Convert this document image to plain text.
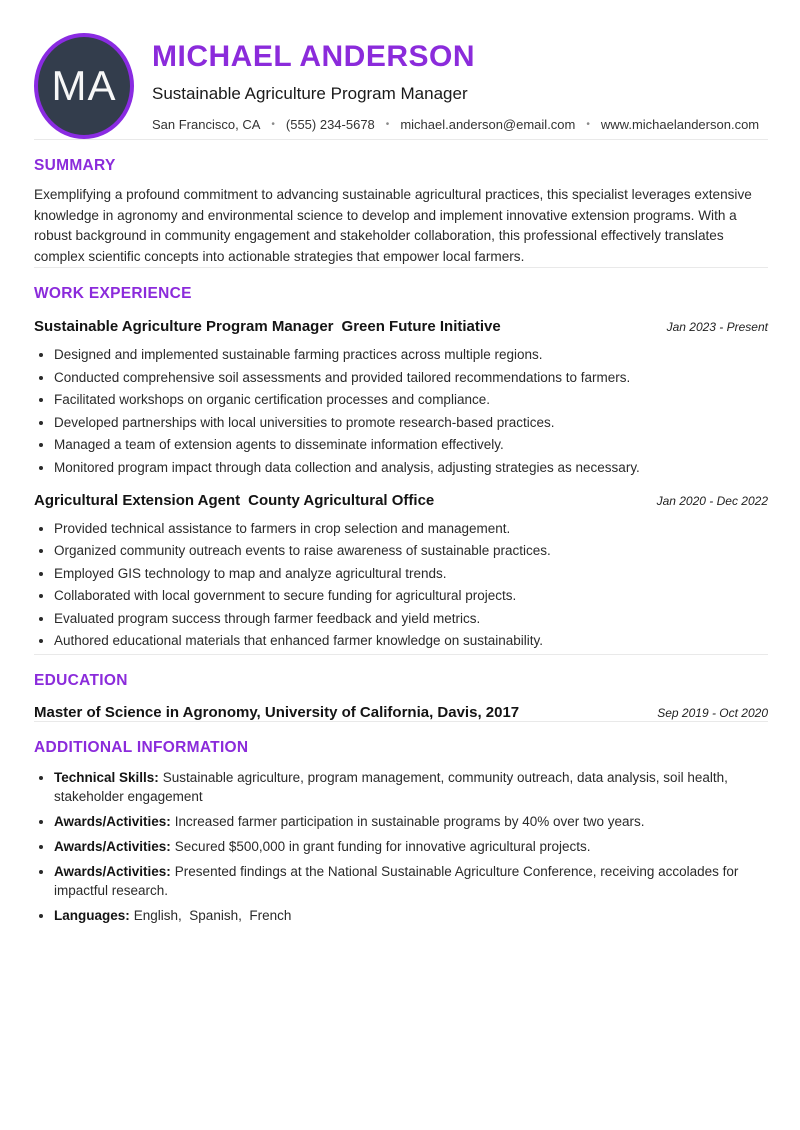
MA
MICHAEL ANDERSON
Sustainable Agriculture Program Manager
San Francisco, CA • (555) 234-5678 • michael.anderson@email.com • www.michaelanderson.com
SUMMARY

Exemplifying a profound commitment to advancing sustainable agricultural practices, this specialist leverages extensive knowledge in agronomy and environmental science to develop and implement innovative extension programs. With a robust background in community engagement and stakeholder collaboration, this professional effectively translates complex scientific concepts into actionable strategies that empower local farmers.

WORK EXPERIENCE
Sustainable Agriculture Program Manager Green Future Initiative	Jan 2023 - Present
• Designed and implemented sustainable farming practices across multiple regions.
• Conducted comprehensive soil assessments and provided tailored recommendations to farmers.
• Facilitated workshops on organic certification processes and compliance.
• Developed partnerships with local universities to promote research-based practices.
• Managed a team of extension agents to disseminate information effectively.
• Monitored program impact through data collection and analysis, adjusting strategies as necessary.
Agricultural Extension Agent County Agricultural Office	Jan 2020 - Dec 2022
• Provided technical assistance to farmers in crop selection and management.
• Organized community outreach events to raise awareness of sustainable practices.
• Employed GIS technology to map and analyze agricultural trends.
• Collaborated with local government to secure funding for agricultural projects.
• Evaluated program success through farmer feedback and yield metrics.
• Authored educational materials that enhanced farmer knowledge on sustainability.
EDUCATION
Master of Science in Agronomy, University of California, Davis, 2017	Sep 2019 - Oct 2020
ADDITIONAL INFORMATION
• Technical Skills: Sustainable agriculture, program management, community outreach, data analysis, soil health, stakeholder engagement
• Awards/Activities: Increased farmer participation in sustainable programs by 40% over two years.
• Awards/Activities: Secured $500,000 in grant funding for innovative agricultural projects.
• Awards/Activities: Presented findings at the National Sustainable Agriculture Conference, receiving accolades for impactful research.
• Languages: English,  Spanish,  French
